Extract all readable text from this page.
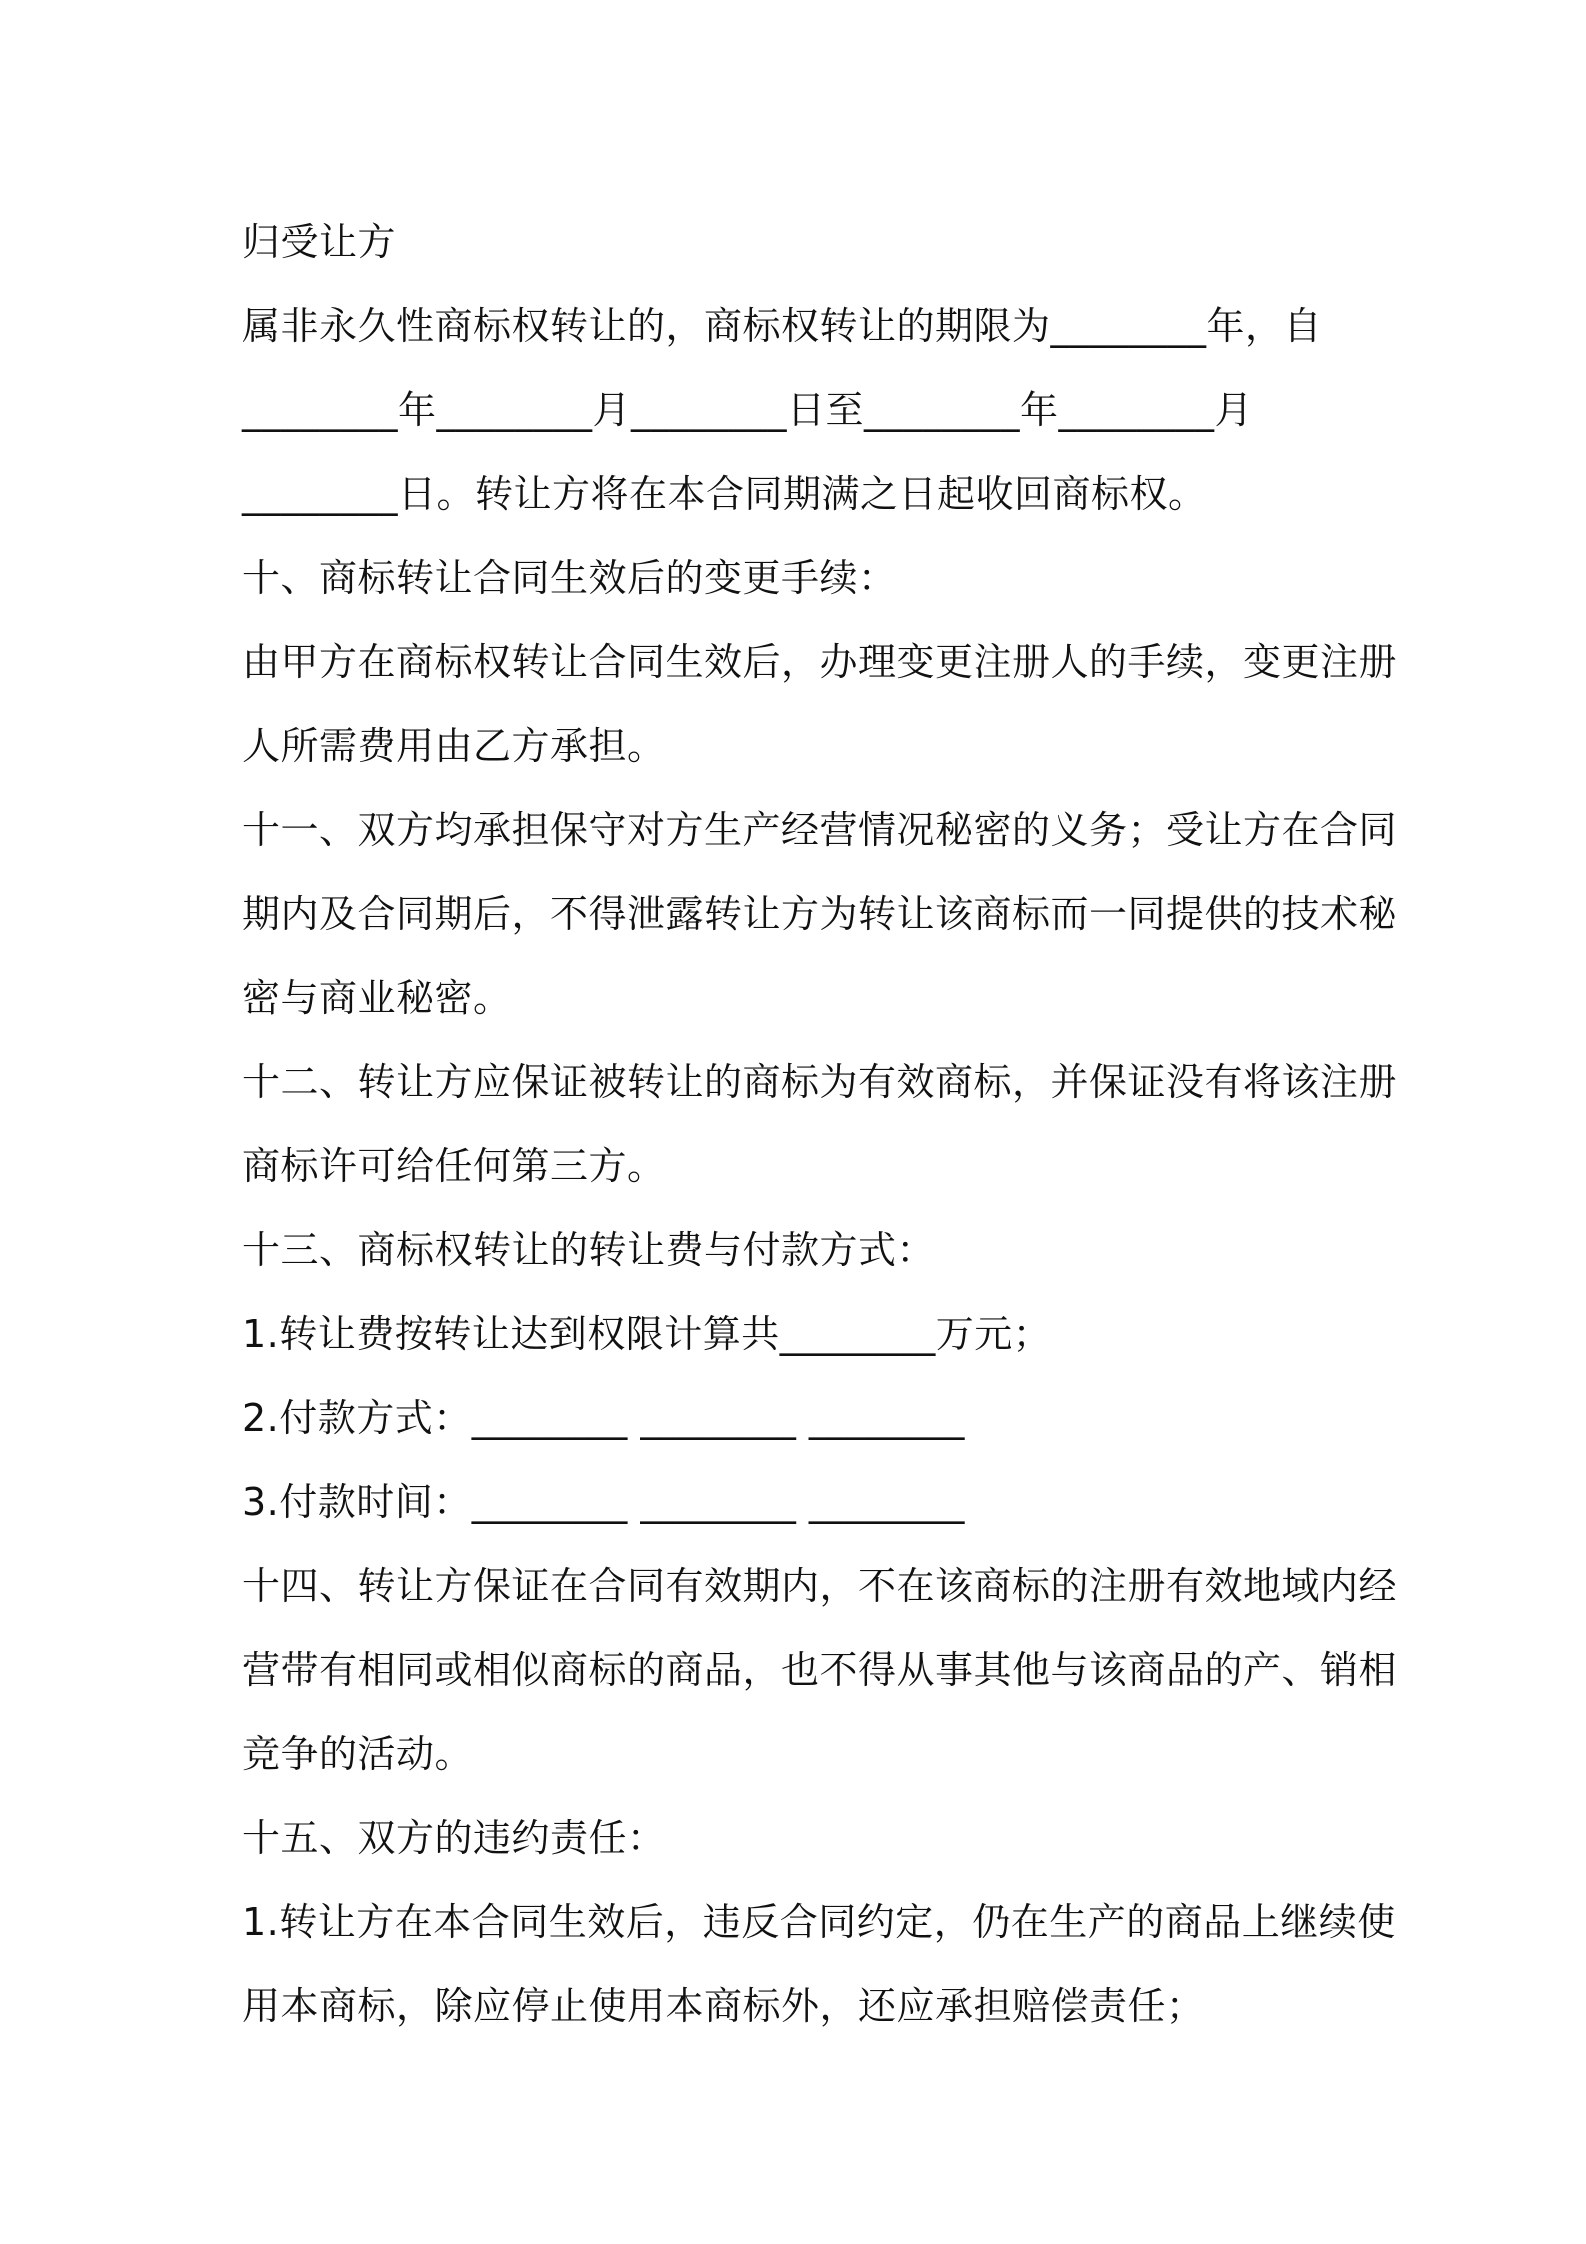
归受让方
属非永久性商标权转让的，商标权转让的期限为________年，自
________年________月________日至________年________月
________日。转让方将在本合同期满之日起收回商标权。
十、商标转让合同生效后的变更手续：
由甲方在商标权转让合同生效后，办理变更注册人的手续，变更注册
人所需费用由乙方承担。
十一、双方均承担保守对方生产经营情况秘密的义务；受让方在合同
期内及合同期后，不得泄露转让方为转让该商标而一同提供的技术秘
密与商业秘密。
十二、转让方应保证被转让的商标为有效商标，并保证没有将该注册
商标许可给任何第三方。
十三、商标权转让的转让费与付款方式：
1.转让费按转让达到权限计算共________万元；
2.付款方式：________ ________ ________
3.付款时间：________ ________ ________
十四、转让方保证在合同有效期内，不在该商标的注册有效地域内经
营带有相同或相似商标的商品，也不得从事其他与该商品的产、销相
竞争的活动。
十五、双方的违约责任：
1.转让方在本合同生效后，违反合同约定，仍在生产的商品上继续使
用本商标，除应停止使用本商标外，还应承担赔偿责任；
